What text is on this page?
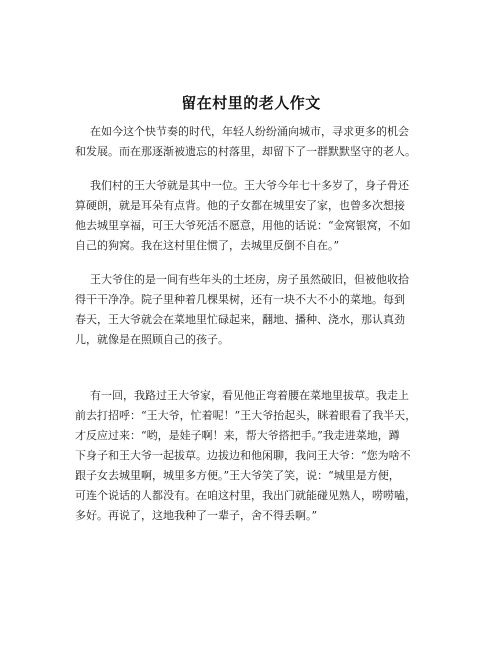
留在村里的老人作文
在如今这个快节奏的时代，年轻人纷纷涌向城市，寻求更多的机会
和发展。而在那逐渐被遗忘的村落里，却留下了一群默默坚守的老人。
我们村的王大爷就是其中一位。王大爷今年七十多岁了，身子骨还
算硬朗，就是耳朵有点背。他的子女都在城里安了家，也曾多次想接
他去城里享福，可王大爷死活不愿意，用他的话说：“金窝银窝，不如
自己的狗窝。我在这村里住惯了，去城里反倒不自在。”
王大爷住的是一间有些年头的土坯房，房子虽然破旧，但被他收拾
得干干净净。院子里种着几棵果树，还有一块不大不小的菜地。每到
春天，王大爷就会在菜地里忙碌起来，翻地、播种、浇水，那认真劲
儿，就像是在照顾自己的孩子。
有一回，我路过王大爷家，看见他正弯着腰在菜地里拔草。我走上
前去打招呼：“王大爷，忙着呢！”王大爷抬起头，眯着眼看了我半天，
才反应过来：“哟，是娃子啊！来，帮大爷搭把手。”我走进菜地，蹲
下身子和王大爷一起拔草。边拔边和他闲聊，我问王大爷：“您为啥不
跟子女去城里啊，城里多方便。”王大爷笑了笑，说：“城里是方便，
可连个说话的人都没有。在咱这村里，我出门就能碰见熟人，唠唠嗑，
多好。再说了，这地我种了一辈子，舍不得丢啊。”
